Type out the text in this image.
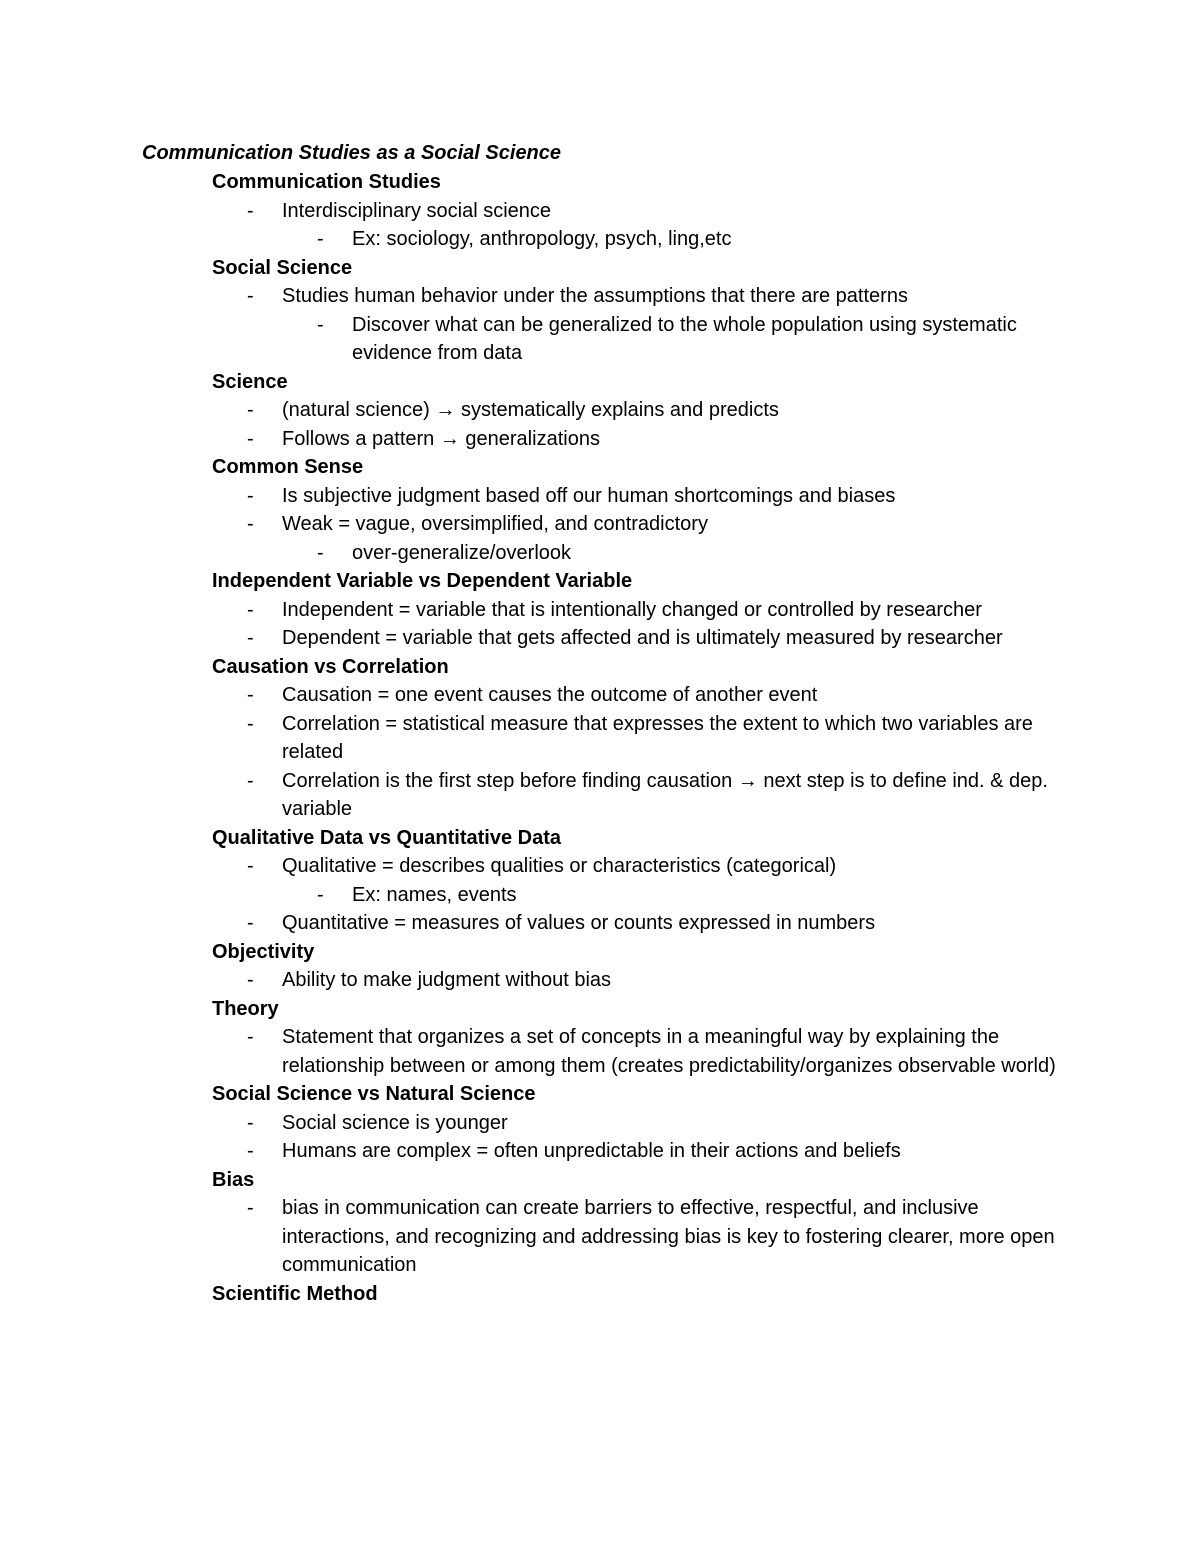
Communication Studies as a Social Science
Communication Studies
- Interdisciplinary social science
- Ex: sociology, anthropology, psych, ling,etc
Social Science
- Studies human behavior under the assumptions that there are patterns
- Discover what can be generalized to the whole population using systematic evidence from data
Science
- (natural science) → systematically explains and predicts
- Follows a pattern → generalizations
Common Sense
- Is subjective judgment based off our human shortcomings and biases
- Weak = vague, oversimplified, and contradictory
- over-generalize/overlook
Independent Variable vs Dependent Variable
- Independent = variable that is intentionally changed or controlled by researcher
- Dependent = variable that gets affected and is ultimately measured by researcher
Causation vs Correlation
- Causation = one event causes the outcome of another event
- Correlation = statistical measure that expresses the extent to which two variables are related
- Correlation is the first step before finding causation → next step is to define ind. & dep. variable
Qualitative Data vs Quantitative Data
- Qualitative = describes qualities or characteristics (categorical)
- Ex: names, events
- Quantitative = measures of values or counts expressed in numbers
Objectivity
- Ability to make judgment without bias
Theory
- Statement that organizes a set of concepts in a meaningful way by explaining the relationship between or among them (creates predictability/organizes observable world)
Social Science vs Natural Science
- Social science is younger
- Humans are complex = often unpredictable in their actions and beliefs
Bias
- bias in communication can create barriers to effective, respectful, and inclusive interactions, and recognizing and addressing bias is key to fostering clearer, more open communication
Scientific Method
